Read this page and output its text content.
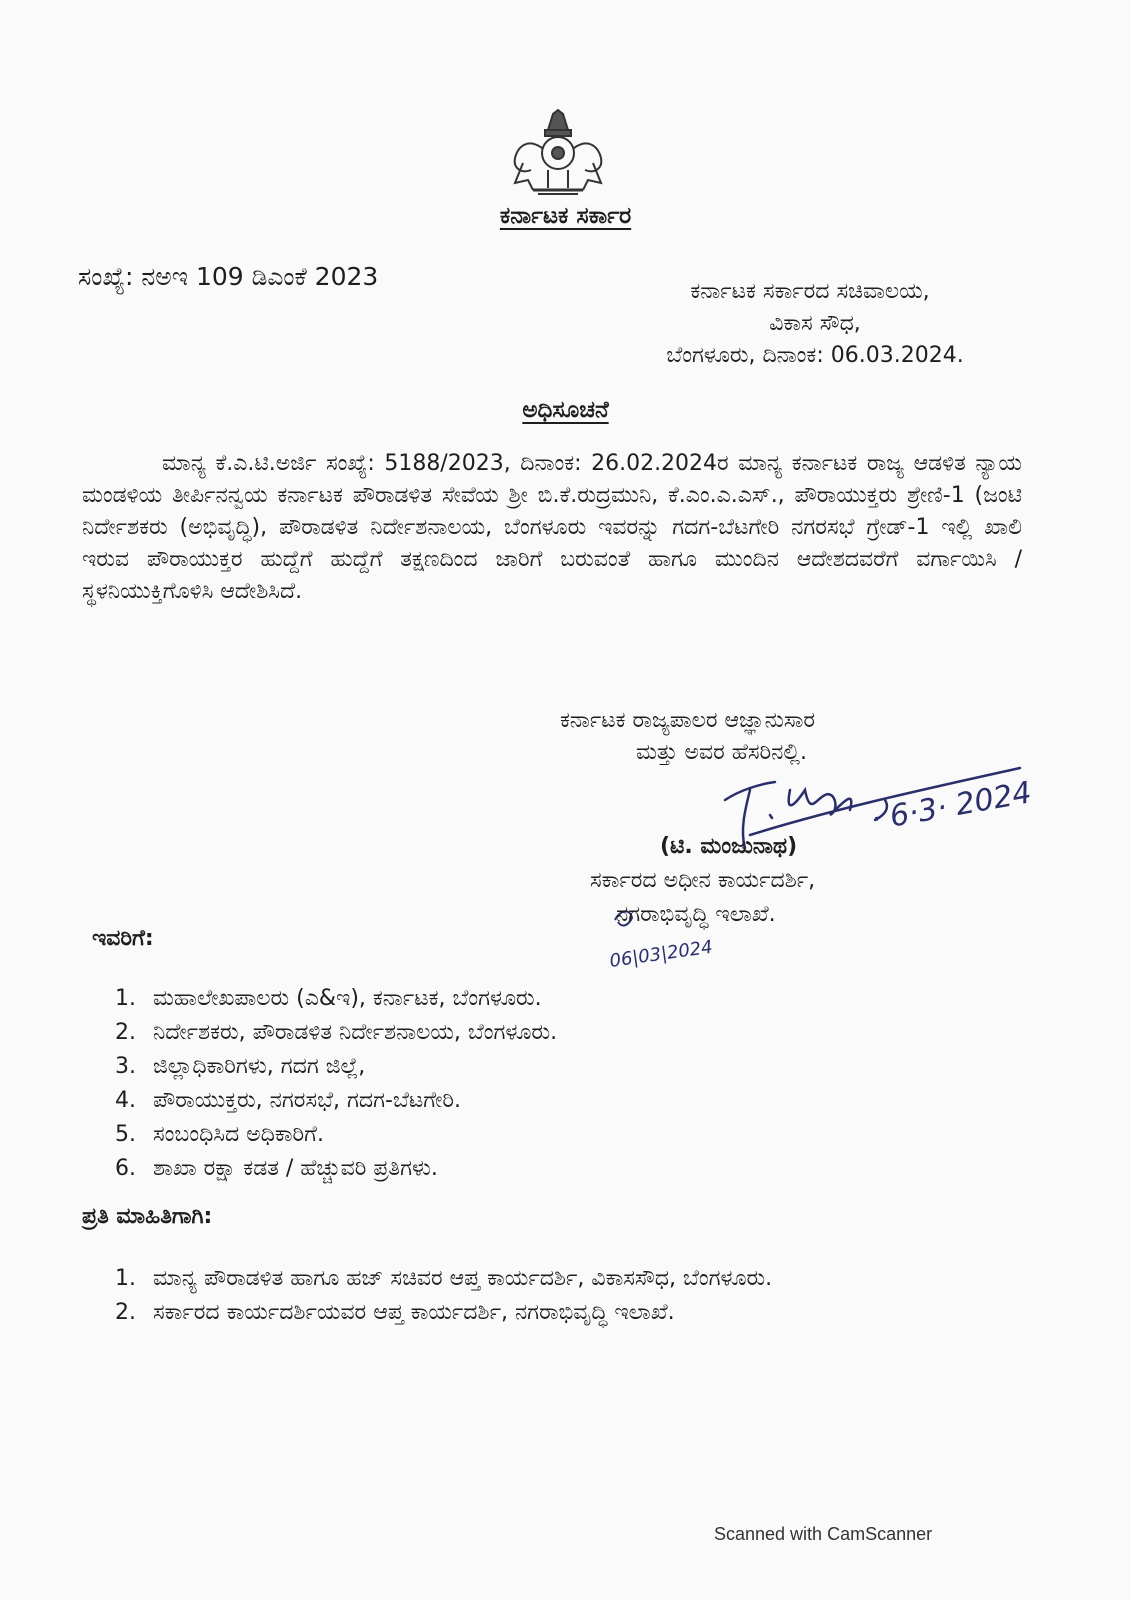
ಕರ್ನಾಟಕ ಸರ್ಕಾರ
ಸಂಖ್ಯೆ: ನಅಇ 109 ಡಿಎಂಕೆ 2023
ಕರ್ನಾಟಕ ಸರ್ಕಾರದ ಸಚಿವಾಲಯ,
ವಿಕಾಸ ಸೌಧ,
ಬೆಂಗಳೂರು, ದಿನಾಂಕ: 06.03.2024.
ಅಧಿಸೂಚನೆ
ಮಾನ್ಯ ಕೆ.ಎ.ಟಿ.ಅರ್ಜಿ ಸಂಖ್ಯೆ: 5188/2023, ದಿನಾಂಕ: 26.02.2024ರ ಮಾನ್ಯ ಕರ್ನಾಟಕ ರಾಜ್ಯ ಆಡಳಿತ ನ್ಯಾಯ ಮಂಡಳಿಯ ತೀರ್ಪಿನನ್ವಯ ಕರ್ನಾಟಕ ಪೌರಾಡಳಿತ ಸೇವೆಯ ಶ್ರೀ ಬಿ.ಕೆ.ರುದ್ರಮುನಿ, ಕೆ.ಎಂ.ಎ.ಎಸ್., ಪೌರಾಯುಕ್ತರು ಶ್ರೇಣಿ-1 (ಜಂಟಿ ನಿರ್ದೇಶಕರು (ಅಭಿವೃದ್ಧಿ), ಪೌರಾಡಳಿತ ನಿರ್ದೇಶನಾಲಯ, ಬೆಂಗಳೂರು ಇವರನ್ನು ಗದಗ-ಬೆಟಗೇರಿ ನಗರಸಭೆ ಗ್ರೇಡ್-1 ಇಲ್ಲಿ ಖಾಲಿ ಇರುವ ಪೌರಾಯುಕ್ತರ ಹುದ್ದೆಗೆ ಹುದ್ದೆಗೆ ತಕ್ಷಣದಿಂದ ಜಾರಿಗೆ ಬರುವಂತೆ ಹಾಗೂ ಮುಂದಿನ ಆದೇಶದವರೆಗೆ ವರ್ಗಾಯಿಸಿ / ಸ್ಥಳನಿಯುಕ್ತಿಗೊಳಿಸಿ ಆದೇಶಿಸಿದೆ.
ಕರ್ನಾಟಕ ರಾಜ್ಯಪಾಲರ ಆಜ್ಞಾನುಸಾರ
ಮತ್ತು ಅವರ ಹೆಸರಿನಲ್ಲಿ.
· 6·3· 2024
06|03|2024
(ಟಿ. ಮಂಜುನಾಥ)
ಸರ್ಕಾರದ ಅಧೀನ ಕಾರ್ಯದರ್ಶಿ,
ನಗರಾಭಿವೃದ್ಧಿ ಇಲಾಖೆ.
ಇವರಿಗೆ:
1. ಮಹಾಲೇಖಪಾಲರು (ಎ&ಇ), ಕರ್ನಾಟಕ, ಬೆಂಗಳೂರು.
2. ನಿರ್ದೇಶಕರು, ಪೌರಾಡಳಿತ ನಿರ್ದೇಶನಾಲಯ, ಬೆಂಗಳೂರು.
3. ಜಿಲ್ಲಾಧಿಕಾರಿಗಳು, ಗದಗ ಜಿಲ್ಲೆ,
4. ಪೌರಾಯುಕ್ತರು, ನಗರಸಭೆ, ಗದಗ-ಬೆಟಗೇರಿ.
5. ಸಂಬಂಧಿಸಿದ ಅಧಿಕಾರಿಗೆ.
6. ಶಾಖಾ ರಕ್ಷಾ ಕಡತ / ಹೆಚ್ಚುವರಿ ಪ್ರತಿಗಳು.
ಪ್ರತಿ ಮಾಹಿತಿಗಾಗಿ:
1. ಮಾನ್ಯ ಪೌರಾಡಳಿತ ಹಾಗೂ ಹಜ್ ಸಚಿವರ ಆಪ್ತ ಕಾರ್ಯದರ್ಶಿ, ವಿಕಾಸಸೌಧ, ಬೆಂಗಳೂರು.
2. ಸರ್ಕಾರದ ಕಾರ್ಯದರ್ಶಿಯವರ ಆಪ್ತ ಕಾರ್ಯದರ್ಶಿ, ನಗರಾಭಿವೃದ್ಧಿ ಇಲಾಖೆ.
Scanned with CamScanner
